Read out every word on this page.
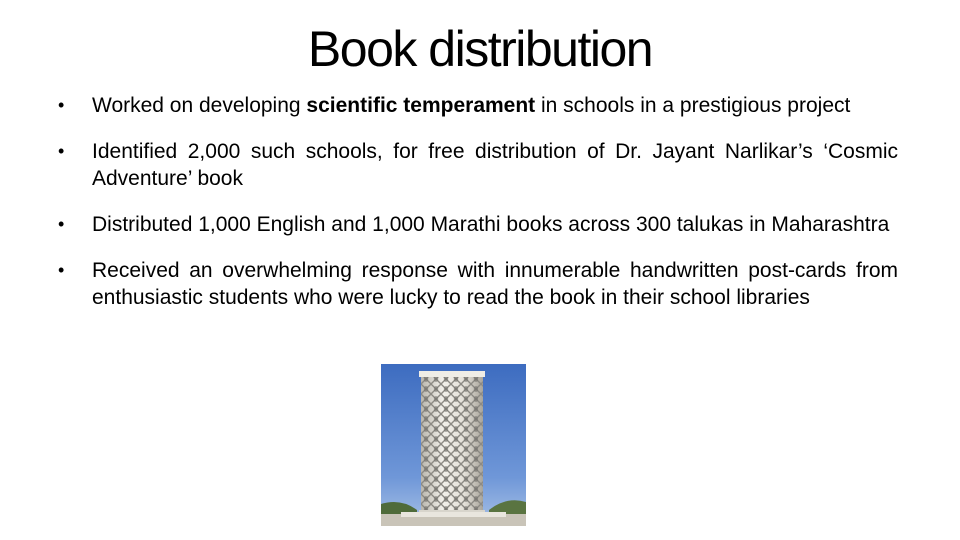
Book distribution
•	Worked on developing scientific temperament in schools in a prestigious project
•	Identified 2,000 such schools, for free distribution of Dr. Jayant Narlikar’s ‘Cosmic Adventure’ book
•	Distributed 1,000 English and 1,000 Marathi books across 300 talukas in Maharashtra
•	Received an overwhelming response with innumerable handwritten post-cards from enthusiastic students who were lucky to read the book in their school libraries
